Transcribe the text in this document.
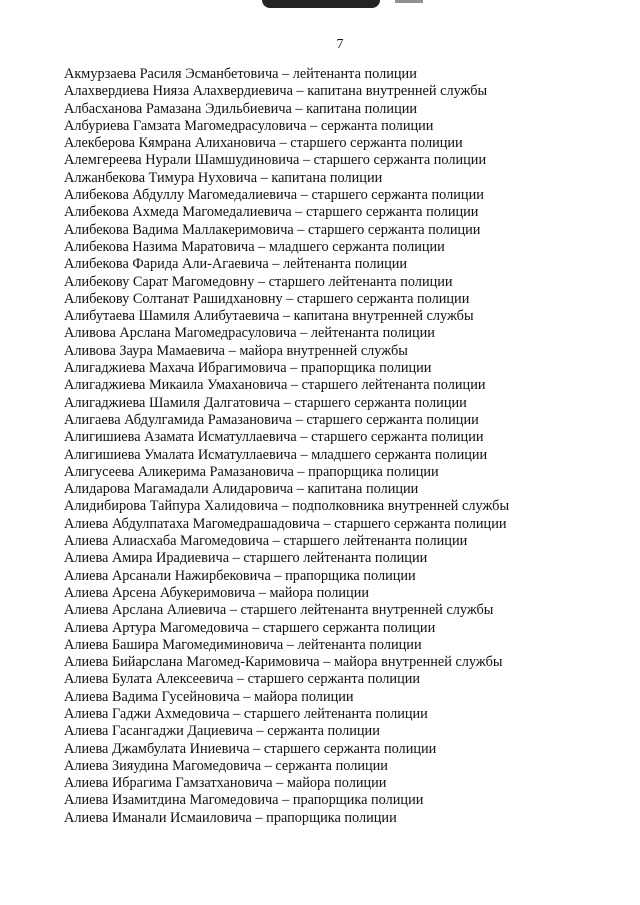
7
Акмурзаева Расиля Эсманбетовича – лейтенанта полиции
Алахвердиева Нияза Алахвердиевича – капитана внутренней службы
Албасханова Рамазана Эдильбиевича – капитана полиции
Албуриева Гамзата Магомедрасуловича – сержанта полиции
Алекберова Кямрана Алихановича – старшего сержанта полиции
Алемгереева Нурали Шамшудиновича – старшего сержанта полиции
Алжанбекова Тимура Нуховича – капитана полиции
Алибекова Абдуллу Магомедалиевича – старшего сержанта полиции
Алибекова Ахмеда Магомедалиевича – старшего сержанта полиции
Алибекова Вадима Маллакеримовича – старшего сержанта полиции
Алибекова Назима Маратовича – младшего сержанта полиции
Алибекова Фарида Али-Агаевича – лейтенанта полиции
Алибекову Сарат Магомедовну – старшего лейтенанта полиции
Алибекову Солтанат Рашидхановну – старшего сержанта полиции
Алибутаева Шамиля Алибутаевича – капитана внутренней службы
Аливова Арслана Магомедрасуловича – лейтенанта полиции
Аливова Заура Мамаевича – майора внутренней службы
Алигаджиева Махача Ибрагимовича – прапорщика полиции
Алигаджиева Микаила Умахановича – старшего лейтенанта полиции
Алигаджиева Шамиля Далгатовича – старшего сержанта полиции
Алигаева Абдулгамида Рамазановича – старшего сержанта полиции
Алигишиева Азамата Исматуллаевича – старшего сержанта полиции
Алигишиева Умалата Исматуллаевича – младшего сержанта полиции
Алигусеева Аликерима Рамазановича – прапорщика полиции
Алидарова Магамадали Алидаровича – капитана полиции
Алидибирова Тайпура Халидовича – подполковника внутренней службы
Алиева Абдулпатаха Магомедрашадовича – старшего сержанта полиции
Алиева Алиасхаба Магомедовича – старшего лейтенанта полиции
Алиева Амира Ирадиевича – старшего лейтенанта полиции
Алиева Арсанали Нажирбековича – прапорщика полиции
Алиева Арсена Абукеримовича – майора полиции
Алиева Арслана Алиевича – старшего лейтенанта внутренней службы
Алиева Артура Магомедовича – старшего сержанта полиции
Алиева Башира Магомедиминовича – лейтенанта полиции
Алиева Бийарслана Магомед-Каримовича – майора внутренней службы
Алиева Булата Алексеевича – старшего сержанта полиции
Алиева Вадима Гусейновича – майора полиции
Алиева Гаджи Ахмедовича – старшего лейтенанта полиции
Алиева Гасангаджи Дациевича – сержанта полиции
Алиева Джамбулата Иниевича – старшего сержанта полиции
Алиева Зияудина Магомедовича – сержанта полиции
Алиева Ибрагима Гамзатхановича – майора полиции
Алиева Изамитдина Магомедовича – прапорщика полиции
Алиева Иманали Исмаиловича – прапорщика полиции
